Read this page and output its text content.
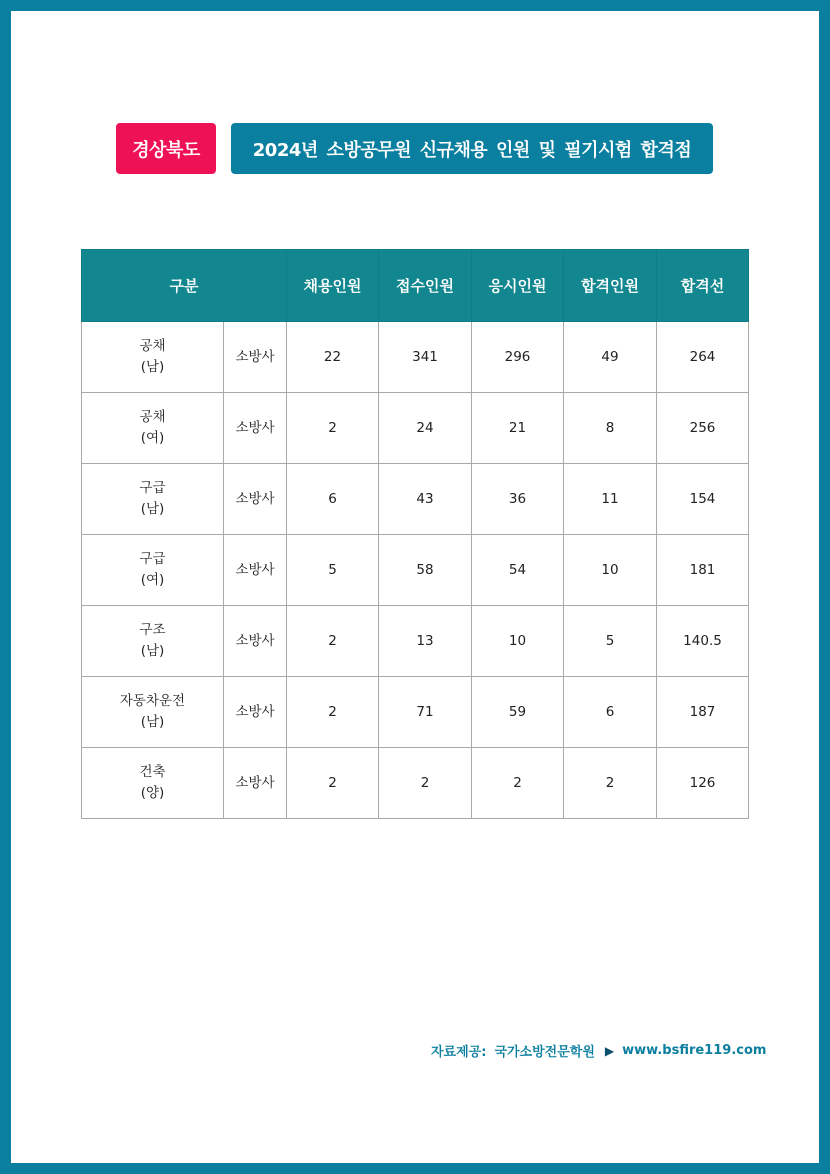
경상북도	2024년 소방공무원 신규채용 인원 및 필기시험 합격점
구분		채용인원	접수인원	응시인원	합격인원	합격선

공채
(남)	소방사	22	341	296	49	264

공채
(여)	소방사	2	24	21	8	256

구급
(남)	소방사	6	43	36	11	154

구급
(여)	소방사	5	58	54	10	181

구조
(남)	소방사	2	13	10	5	140.5

자동차운전
(남)	소방사	2	71	59	6	187

건축
(양)	소방사	2	2	2	2	126
자료제공: 국가소방전문학원 ▶ www.bsfire119.com
